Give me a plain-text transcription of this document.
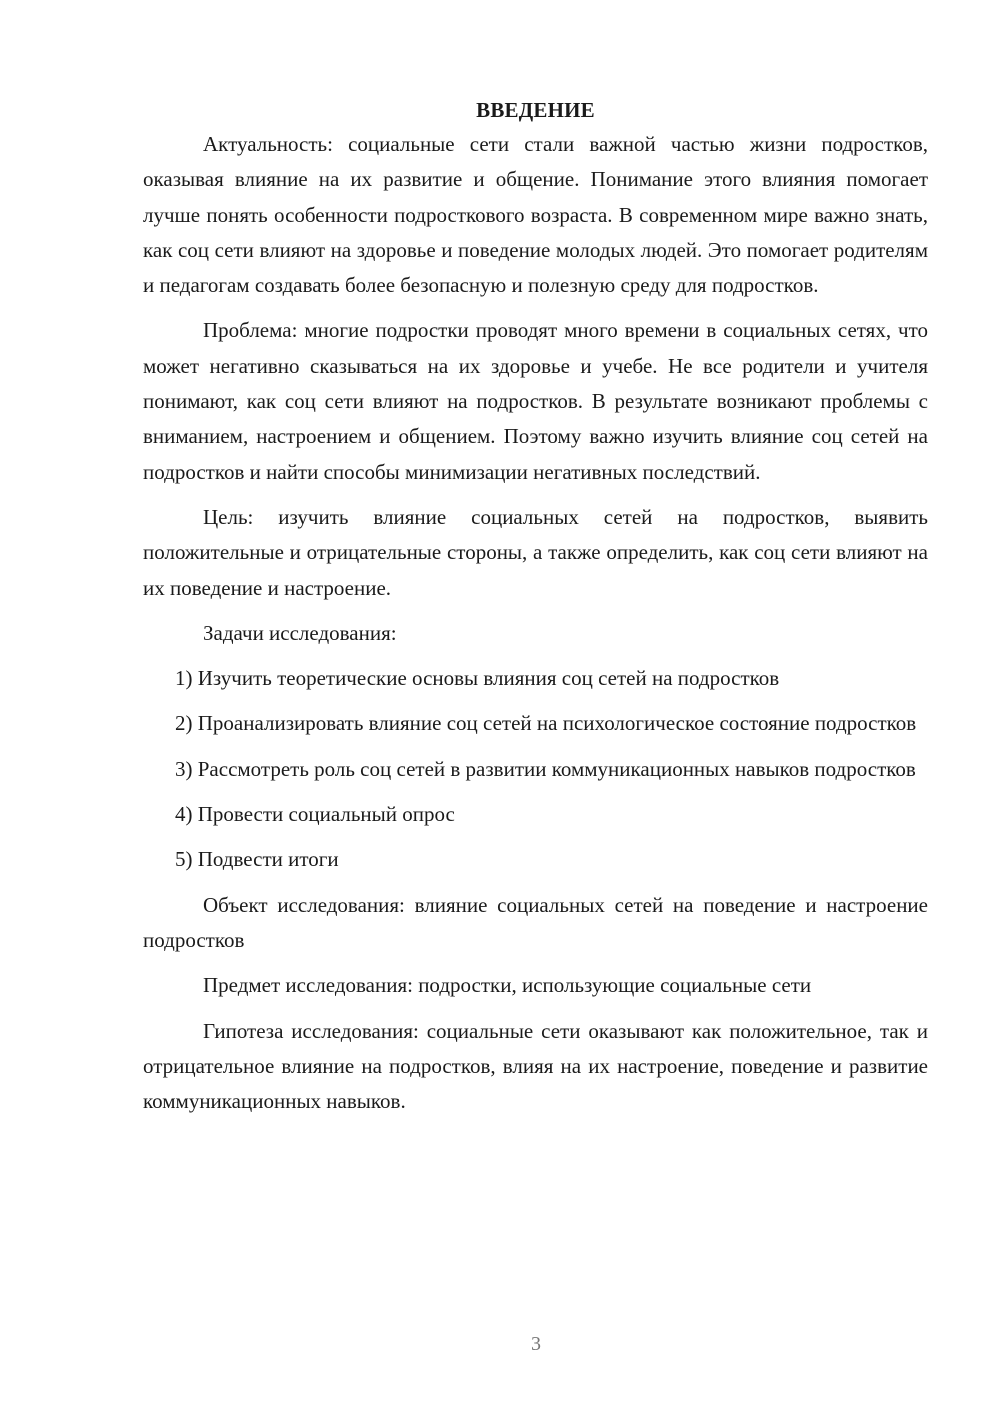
ВВЕДЕНИЕ

Актуальность: социальные сети стали важной частью жизни подростков, оказывая влияние на их развитие и общение. Понимание этого влияния помогает лучше понять особенности подросткового возраста. В современном мире важно знать, как соц сети влияют на здоровье и поведение молодых людей. Это помогает родителям и педагогам создавать более безопасную и полезную среду для подростков.

Проблема: многие подростки проводят много времени в социальных сетях, что может негативно сказываться на их здоровье и учебе. Не все родители и учителя понимают, как соц сети влияют на подростков. В результате возникают проблемы с вниманием, настроением и общением. Поэтому важно изучить влияние соц сетей на подростков и найти способы минимизации негативных последствий.

Цель: изучить влияние социальных сетей на подростков, выявить положительные и отрицательные стороны, а также определить, как соц сети влияют на их поведение и настроение.

Задачи исследования:

1) Изучить теоретические основы влияния соц сетей на подростков

2) Проанализировать влияние соц сетей на психологическое состояние подростков

3) Рассмотреть роль соц сетей в развитии коммуникационных навыков подростков

4) Провести социальный опрос

5) Подвести итоги

Объект исследования: влияние социальных сетей на поведение и настроение подростков

Предмет исследования: подростки, использующие социальные сети

Гипотеза исследования: социальные сети оказывают как положительное, так и отрицательное влияние на подростков, влияя на их настроение, поведение и развитие коммуникационных навыков.

3
